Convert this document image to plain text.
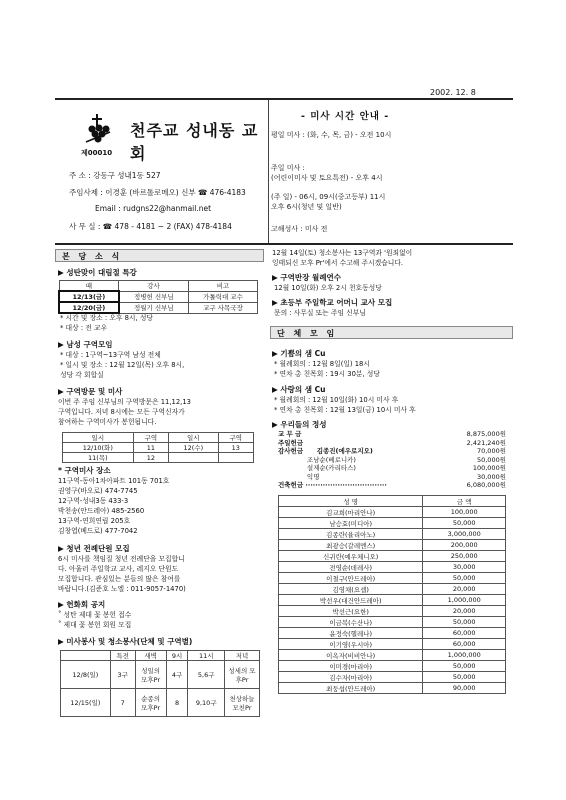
2002. 12. 8
천주교 성내동 교회
제00010
주 소 : 강동구 성내1동 527
주임사제 : 이경훈 (바르톨로메오) 신부 ☎ 476-4183
Email : rudgns22@hanmail.net
사 무 실 : ☎ 478 - 4181 ~ 2 (FAX) 478-4184
- 미사 시간 안내 -
평일 미사 : (화, 수, 목, 금) - 오전 10시
주일 미사 :
(어린이미사 및 토요특전) - 오후 4시
(주 일) - 06시, 09시(중고등부) 11시
오후 6시(청년 및 일반)
고해성사 : 미사 전
본 당 소 식
▶ 성탄맞이 대림절 특강
때	강사	비고
12/13(금)	정병헌 신부님	가톨릭대 교수
12/20(금)	정월기 신부님	교구 사목국장
* 시간 및 장소 : 오후 8시, 성당
* 대상 : 전 교우
▶ 남성 구역모임
* 대상 : 1구역~13구역 남성 전체
* 일시 및 장소 : 12월 12일(목) 오후 8시,
성당 각 회합실
▶ 구역방문 및 미사
이번 주 주임 신부님의 구역방문은 11,12,13
구역입니다. 저녁 8시에는 모든 구역신자가
참여하는 구역미사가 봉헌됩니다.
일시	구역	일시	구역
12/10(화)	11	12(수)	13
11(목)	12		
* 구역미사 장소
11구역-동아1차아파트 101동 701호
권영구(바오로) 474-7745
12구역-성내3동 433-3
박천송(안드레아) 485-2560
13구역-연희연립 205호
김창엽(베드로) 477-7042
▶ 청년 전례단원 모집
6시 미사를 책임질 청년 전례단을 모집합니
다. 아울러 주일학교 교사, 레지오 단원도
모집합니다. 관심있는 분들의 많은 참여를
바랍니다.(김준호 노엘 : 011-9057-1470)
▶ 헌화회 공지
˚ 성탄 제대 꽃 봉헌 접수
˚ 제대 꽃 봉헌 회원 모집
▶ 미사봉사 및 청소봉사(단체 및 구역별)
	특전	새벽	9시	11시	저녁
12/8(일)	3구	성일의 모후Pr	4구	5,6구	성세의 모후Pr
12/15(일)	7	순종의 모후Pr	8	9,10구	천상하늘 모친Pr
12월 14일(토) 청소봉사는 13구역과 '원죄없이
잉태되신 모후 Pr'에서 수고해 주시겠습니다.
▶ 구역반장 월례연수
12월 10일(화) 오후 2시 천호동성당
▶ 초등부 주일학교 어머니 교사 모집
문의 : 사무실 또는 주임 신부님
단 체 모 임
▶ 기쁨의 샘 Cu
* 월례회의 : 12월 8일(일) 18시
* 연차 총 친목회 : 19시 30분, 성당
▶ 사랑의 샘 Cu
* 월례회의 : 12월 10일(화) 10시 미사 후
* 연차 총 친목회 : 12월 13일(금) 10시 미사 후
▶ 우리들의 정성
교 무 금	8,875,000원
주일헌금	2,421,240원
감사헌금      김종진(에우로지오)	70,000원
조남순(베로니카)	50,000원
설제순(카리타스)	100,000원
익명	30,000원
건축헌금 ·································	6,080,000원
성 명	금 액
김교희(마리안나)	100,000
남승효(미디아)	50,000
김종란(율리아노)	3,000,000
최광승(갈레멘스)	200,000
신귀란(예우체니오)	250,000
전영순(데레사)	30,000
이철구(안드레아)	50,000
김영채(요셉)	20,000
박선우(대건안드레아)	1,000,000
박선근(요한)	20,000
이금복(수산나)	50,000
윤정숙(헬레나)	60,000
이기영(우시아)	60,000
이옥자(비비안나)	1,000,000
이미경(마리아)	50,000
김수자(마리아)	50,000
최둥섭(안드레아)	90,000
